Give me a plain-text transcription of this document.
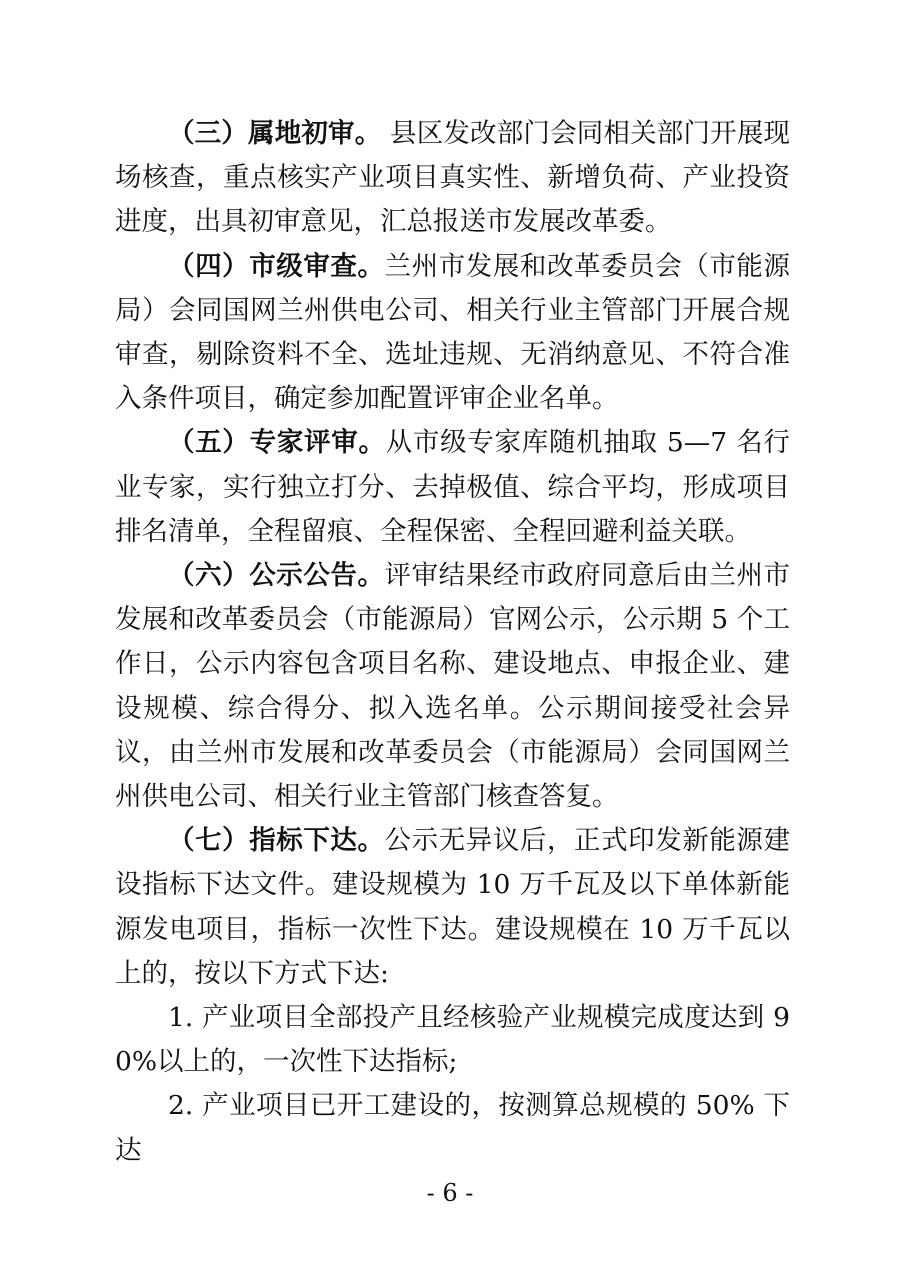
（三）属地初审。 县区发改部门会同相关部门开展现场核查，重点核实产业项目真实性、新增负荷、产业投资进度，出具初审意见，汇总报送市发展改革委。

（四）市级审查。兰州市发展和改革委员会（市能源局）会同国网兰州供电公司、相关行业主管部门开展合规审查，剔除资料不全、选址违规、无消纳意见、不符合准入条件项目，确定参加配置评审企业名单。

（五）专家评审。从市级专家库随机抽取 5—7 名行业专家，实行独立打分、去掉极值、综合平均，形成项目排名清单，全程留痕、全程保密、全程回避利益关联。

（六）公示公告。评审结果经市政府同意后由兰州市发展和改革委员会（市能源局）官网公示，公示期 5 个工作日，公示内容包含项目名称、建设地点、申报企业、建设规模、综合得分、拟入选名单。公示期间接受社会异议，由兰州市发展和改革委员会（市能源局）会同国网兰州供电公司、相关行业主管部门核查答复。

（七）指标下达。公示无异议后，正式印发新能源建设指标下达文件。建设规模为 10 万千瓦及以下单体新能源发电项目，指标一次性下达。建设规模在 10 万千瓦以上的，按以下方式下达:

1. 产业项目全部投产且经核验产业规模完成度达到 90%以上的，一次性下达指标;

2. 产业项目已开工建设的，按测算总规模的 50% 下达

- 6 -
